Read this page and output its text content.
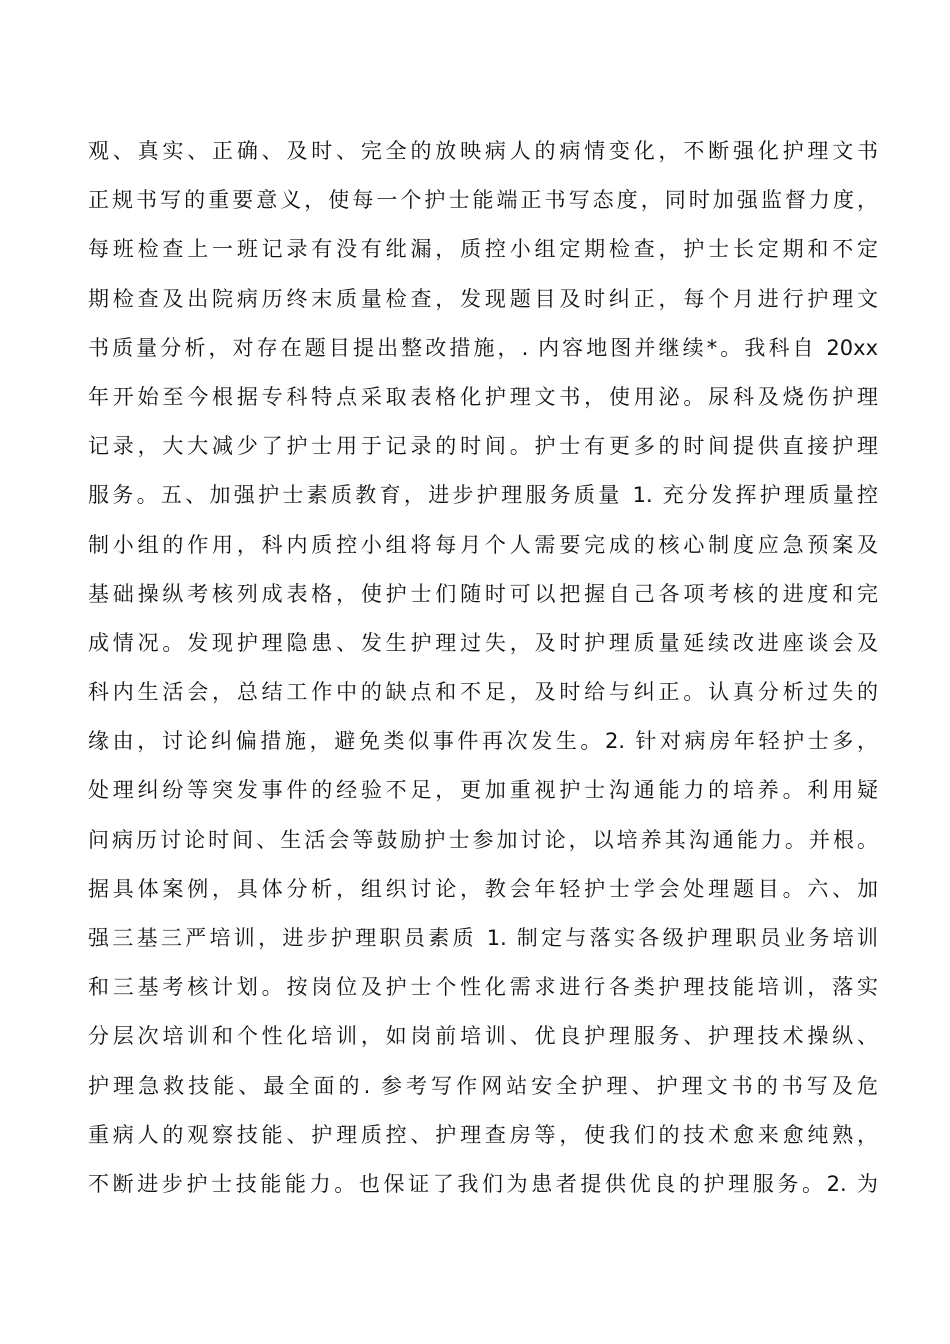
观、真实、正确、及时、完全的放映病人的病情变化，不断强化护理文书
正规书写的重要意义，使每一个护士能端正书写态度，同时加强监督力度，
每班检查上一班记录有没有纰漏，质控小组定期检查，护士长定期和不定
期检查及出院病历终末质量检查，发现题目及时纠正，每个月进行护理文
书质量分析，对存在题目提出整改措施，. 内容地图并继续*。我科自 20xx
年开始至今根据专科特点采取表格化护理文书，使用泌。尿科及烧伤护理
记录，大大减少了护士用于记录的时间。护士有更多的时间提供直接护理
服务。五、加强护士素质教育，进步护理服务质量 1. 充分发挥护理质量控
制小组的作用，科内质控小组将每月个人需要完成的核心制度应急预案及
基础操纵考核列成表格，使护士们随时可以把握自己各项考核的进度和完
成情况。发现护理隐患、发生护理过失，及时护理质量延续改进座谈会及
科内生活会，总结工作中的缺点和不足，及时给与纠正。认真分析过失的
缘由，讨论纠偏措施，避免类似事件再次发生。2. 针对病房年轻护士多，
处理纠纷等突发事件的经验不足，更加重视护士沟通能力的培养。利用疑
问病历讨论时间、生活会等鼓励护士参加讨论，以培养其沟通能力。并根。
据具体案例，具体分析，组织讨论，教会年轻护士学会处理题目。六、加
强三基三严培训，进步护理职员素质 1. 制定与落实各级护理职员业务培训
和三基考核计划。按岗位及护士个性化需求进行各类护理技能培训，落实
分层次培训和个性化培训，如岗前培训、优良护理服务、护理技术操纵、
护理急救技能、最全面的. 参考写作网站安全护理、护理文书的书写及危
重病人的观察技能、护理质控、护理查房等，使我们的技术愈来愈纯熟，
不断进步护士技能能力。也保证了我们为患者提供优良的护理服务。2. 为
